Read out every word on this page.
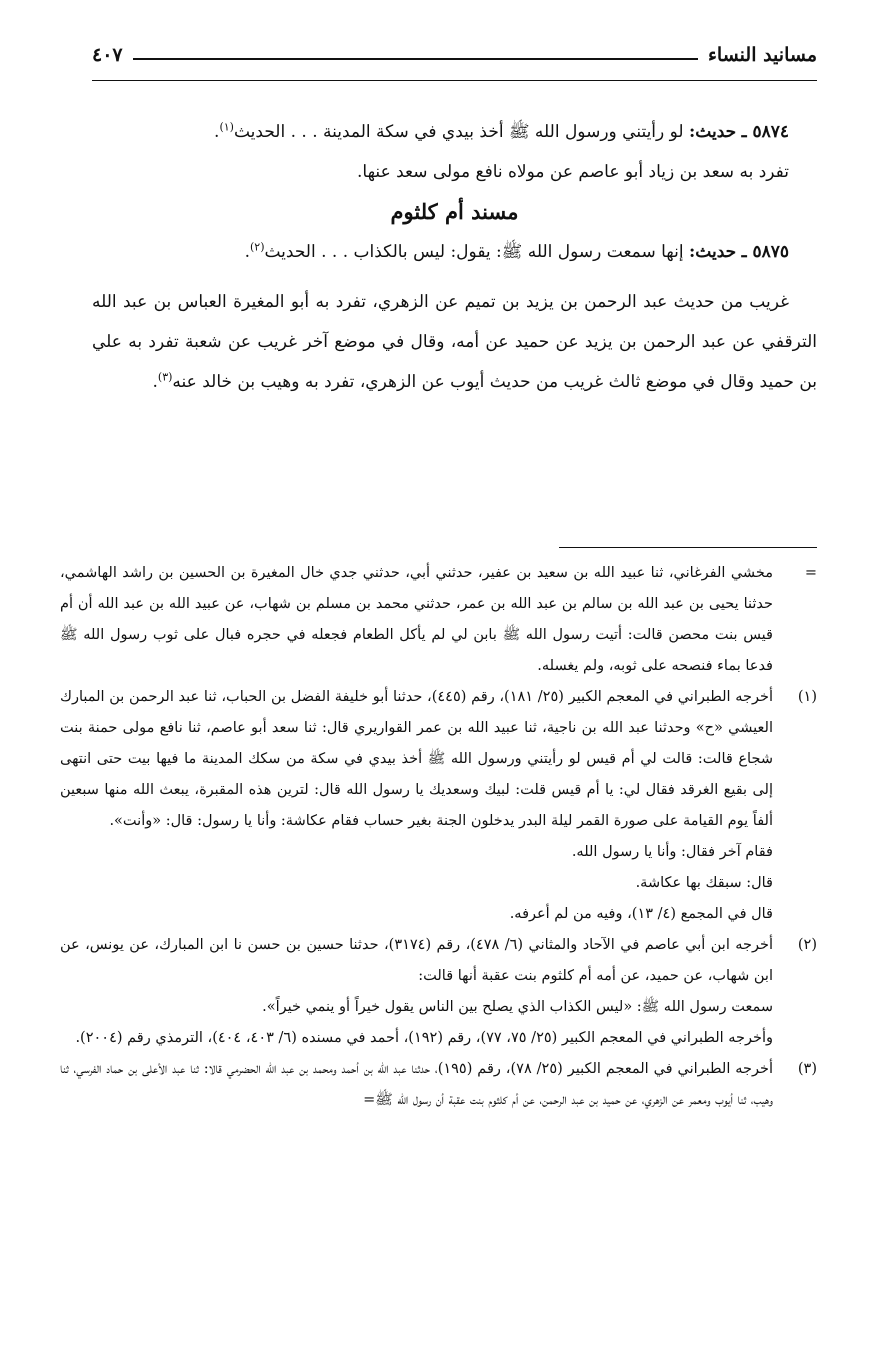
مسانيد النساء
٤٠٧

٥٨٧٤ ـ حديث: لو رأيتني ورسول الله ﷺ أخذ بيدي في سكة المدينة . . . الحديث$^{(١)}$.

تفرد به سعد بن زياد أبو عاصم عن مولاه نافع مولى سعد عنها.

مسند أم كلثوم

٥٨٧٥ ـ حديث: إنها سمعت رسول الله ﷺ: يقول: ليس بالكذاب . . . الحديث$^{(٢)}$.

غريب من حديث عبد الرحمن بن يزيد بن تميم عن الزهري، تفرد به أبو المغيرة العباس بن عبد الله الترقفي عن عبد الرحمن بن يزيد عن حميد عن أمه، وقال في موضع آخر غريب عن شعبة تفرد به علي بن حميد وقال في موضع ثالث غريب من حديث أيوب عن الزهري، تفرد به وهيب بن خالد عنه$^{(٣)}$.

=

مخشي الفرغاني، ثنا عبيد الله بن سعيد بن عفير، حدثني أبي، حدثني جدي خال المغيرة بن الحسين بن راشد الهاشمي، حدثنا يحيى بن عبد الله بن سالم بن عبد الله بن عمر، حدثني محمد بن مسلم بن شهاب، عن عبيد الله بن عبد الله أن أم قيس بنت محصن قالت: أتيت رسول الله ﷺ بابن لي لم يأكل الطعام فجعله في حجره فبال على ثوب رسول الله ﷺ فدعا بماء فنصحه على ثوبه، ولم يغسله.

(١)

أخرجه الطبراني في المعجم الكبير (٢٥/ ١٨١)، رقم (٤٤٥)، حدثنا أبو خليفة الفضل بن الحباب، ثنا عبد الرحمن بن المبارك العيشي «ح» وحدثنا عبد الله بن ناجية، ثنا عبيد الله بن عمر القواريري قال: ثنا سعد أبو عاصم، ثنا نافع مولى حمنة بنت شجاع قالت: قالت لي أم قيس لو رأيتني ورسول الله ﷺ أخذ بيدي في سكة من سكك المدينة ما فيها بيت حتى انتهى إلى بقيع الغرقد فقال لي: يا أم قيس قلت: لبيك وسعديك يا رسول الله قال: لترين هذه المقبرة، يبعث الله منها سبعين ألفاً يوم القيامة على صورة القمر ليلة البدر يدخلون الجنة بغير حساب فقام عكاشة: وأنا يا رسول: قال: «وأنت».

فقام آخر فقال: وأنا يا رسول الله.

قال: سبقك بها عكاشة.

قال في المجمع (٤/ ١٣)، وفيه من لم أعرفه.

(٢)

أخرجه ابن أبي عاصم في الآحاد والمثاني (٦/ ٤٧٨)، رقم (٣١٧٤)، حدثنا حسين بن حسن نا ابن المبارك، عن يونس، عن ابن شهاب، عن حميد، عن أمه أم كلثوم بنت عقبة أنها قالت:

سمعت رسول الله ﷺ: «ليس الكذاب الذي يصلح بين الناس يقول خيراً أو ينمي خيراً».

وأخرجه الطبراني في المعجم الكبير (٢٥/ ٧٥، ٧٧)، رقم (١٩٢)، أحمد في مسنده (٦/ ٤٠٣، ٤٠٤)، الترمذي رقم (٢٠٠٤).

(٣)

أخرجه الطبراني في المعجم الكبير (٢٥/ ٧٨)، رقم (١٩٥)، حدثنا عبد الله بن أحمد ومحمد بن عبد الله الحضرمي قالا: ثنا عبد الأعلى بن حماد الفرسي، ثنا وهيب، ثنا أيوب ومعمر عن الزهري، عن حميد بن عبد الرحمن، عن أم كلثوم بنت عقبة أن رسول الله ﷺ=
